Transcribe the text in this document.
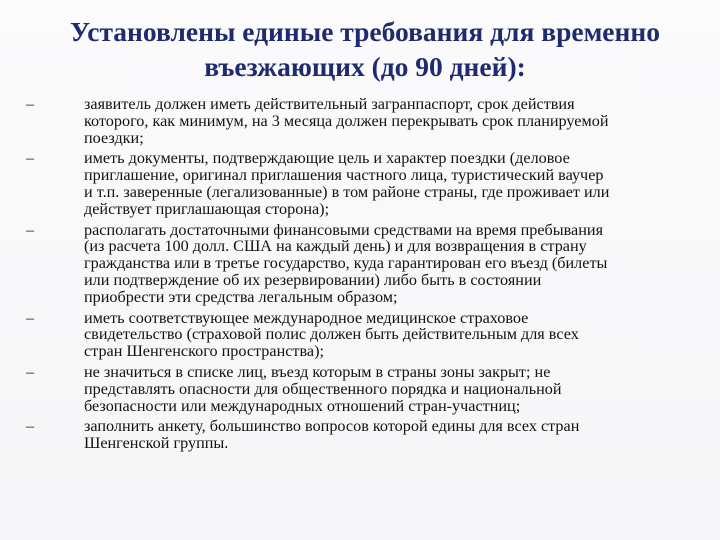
Установлены единые требования для временно
въезжающих (до 90 дней):
–	заявитель должен иметь действительный загранпаспорт, срок действия
которого, как минимум, на 3 месяца должен перекрывать срок планируемой
поездки;
–	иметь документы, подтверждающие цель и характер поездки (деловое
приглашение, оригинал приглашения частного лица, туристический ваучер
и т.п. заверенные (легализованные) в том районе страны, где проживает или
действует приглашающая сторона);
–	располагать достаточными финансовыми средствами на время пребывания
(из расчета 100 долл. США на каждый день) и для возвращения в страну
гражданства или в третье государство, куда гарантирован его въезд (билеты
или подтверждение об их резервировании) либо быть в состоянии
приобрести эти средства легальным образом;
–	иметь соответствующее международное медицинское страховое
свидетельство (страховой полис должен быть действительным для всех
стран Шенгенского пространства);
–	не значиться в списке лиц, въезд которым в страны зоны закрыт; не
представлять опасности для общественного порядка и национальной
безопасности или международных отношений стран-участниц;
–	заполнить анкету, большинство вопросов которой едины для всех стран
Шенгенской группы.
